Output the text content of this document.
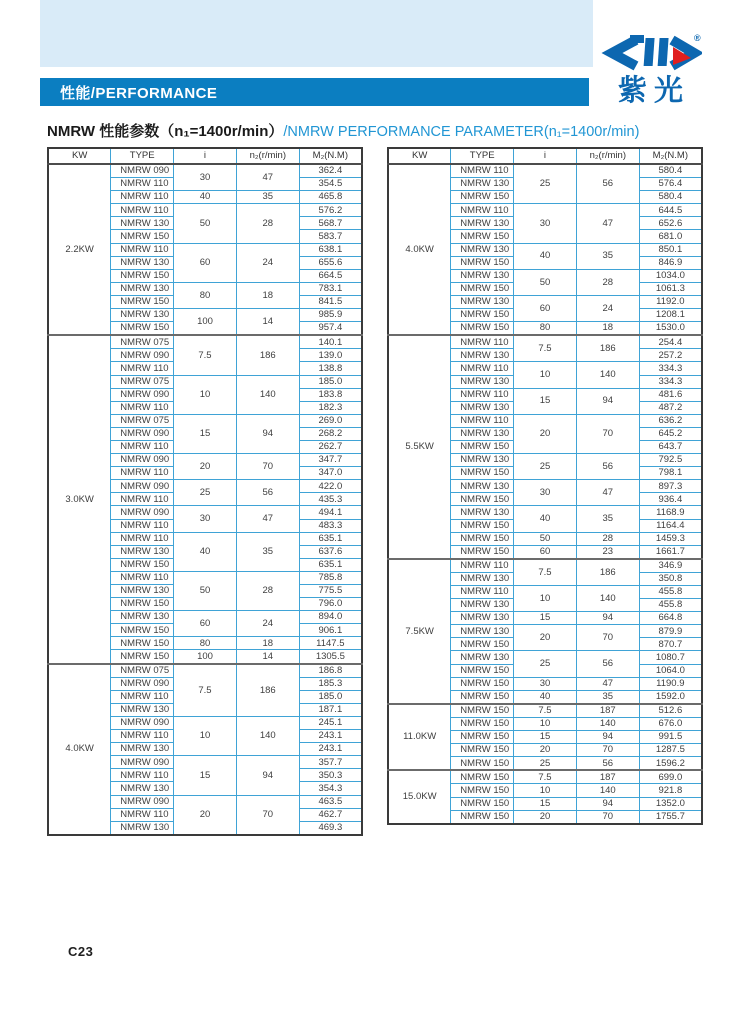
®
紫光
性能/PERFORMANCE
NMRW 性能参数（n₁=1400r/min）/NMRW PERFORMANCE PARAMETER(n₁=1400r/min)
KW	TYPE	i	n₂(r/min)	M₂(N.M)
2.2KW	NMRW 090	30	47	362.4
	NMRW 110			354.5
	NMRW 110	40	35	465.8
	NMRW 110	50	28	576.2
	NMRW 130			568.7
	NMRW 150			583.7
	NMRW 110	60	24	638.1
	NMRW 130			655.6
	NMRW 150			664.5
	NMRW 130	80	18	783.1
	NMRW 150			841.5
	NMRW 130	100	14	985.9
	NMRW 150			957.4
3.0KW	NMRW 075	7.5	186	140.1
	NMRW 090			139.0
	NMRW 110			138.8
	NMRW 075	10	140	185.0
	NMRW 090			183.8
	NMRW 110			182.3
	NMRW 075	15	94	269.0
	NMRW 090			268.2
	NMRW 110			262.7
	NMRW 090	20	70	347.7
	NMRW 110			347.0
	NMRW 090	25	56	422.0
	NMRW 110			435.3
	NMRW 090	30	47	494.1
	NMRW 110			483.3
	NMRW 110	40	35	635.1
	NMRW 130			637.6
	NMRW 150			635.1
	NMRW 110	50	28	785.8
	NMRW 130			775.5
	NMRW 150			796.0
	NMRW 130	60	24	894.0
	NMRW 150			906.1
	NMRW 150	80	18	1147.5
	NMRW 150	100	14	1305.5
4.0KW	NMRW 075	7.5	186	186.8
	NMRW 090			185.3
	NMRW 110			185.0
	NMRW 130			187.1
	NMRW 090	10	140	245.1
	NMRW 110			243.1
	NMRW 130			243.1
	NMRW 090	15	94	357.7
	NMRW 110			350.3
	NMRW 130			354.3
	NMRW 090	20	70	463.5
	NMRW 110			462.7
	NMRW 130			469.3
KW	TYPE	i	n₂(r/min)	M₂(N.M)
4.0KW	NMRW 110	25	56	580.4
	NMRW 130			576.4
	NMRW 150			580.4
	NMRW 110	30	47	644.5
	NMRW 130			652.6
	NMRW 150			681.0
	NMRW 130	40	35	850.1
	NMRW 150			846.9
	NMRW 130	50	28	1034.0
	NMRW 150			1061.3
	NMRW 130	60	24	1192.0
	NMRW 150			1208.1
	NMRW 150	80	18	1530.0
5.5KW	NMRW 110	7.5	186	254.4
	NMRW 130			257.2
	NMRW 110	10	140	334.3
	NMRW 130			334.3
	NMRW 110	15	94	481.6
	NMRW 130			487.2
	NMRW 110	20	70	636.2
	NMRW 130			645.2
	NMRW 150			643.7
	NMRW 130	25	56	792.5
	NMRW 150			798.1
	NMRW 130	30	47	897.3
	NMRW 150			936.4
	NMRW 130	40	35	1168.9
	NMRW 150			1164.4
	NMRW 150	50	28	1459.3
	NMRW 150	60	23	1661.7
7.5KW	NMRW 110	7.5	186	346.9
	NMRW 130			350.8
	NMRW 110	10	140	455.8
	NMRW 130			455.8
	NMRW 130	15	94	664.8
	NMRW 130	20	70	879.9
	NMRW 150			870.7
	NMRW 130	25	56	1080.7
	NMRW 150			1064.0
	NMRW 150	30	47	1190.9
	NMRW 150	40	35	1592.0
11.0KW	NMRW 150	7.5	187	512.6
	NMRW 150	10	140	676.0
	NMRW 150	15	94	991.5
	NMRW 150	20	70	1287.5
	NMRW 150	25	56	1596.2
15.0KW	NMRW 150	7.5	187	699.0
	NMRW 150	10	140	921.8
	NMRW 150	15	94	1352.0
	NMRW 150	20	70	1755.7
C23
